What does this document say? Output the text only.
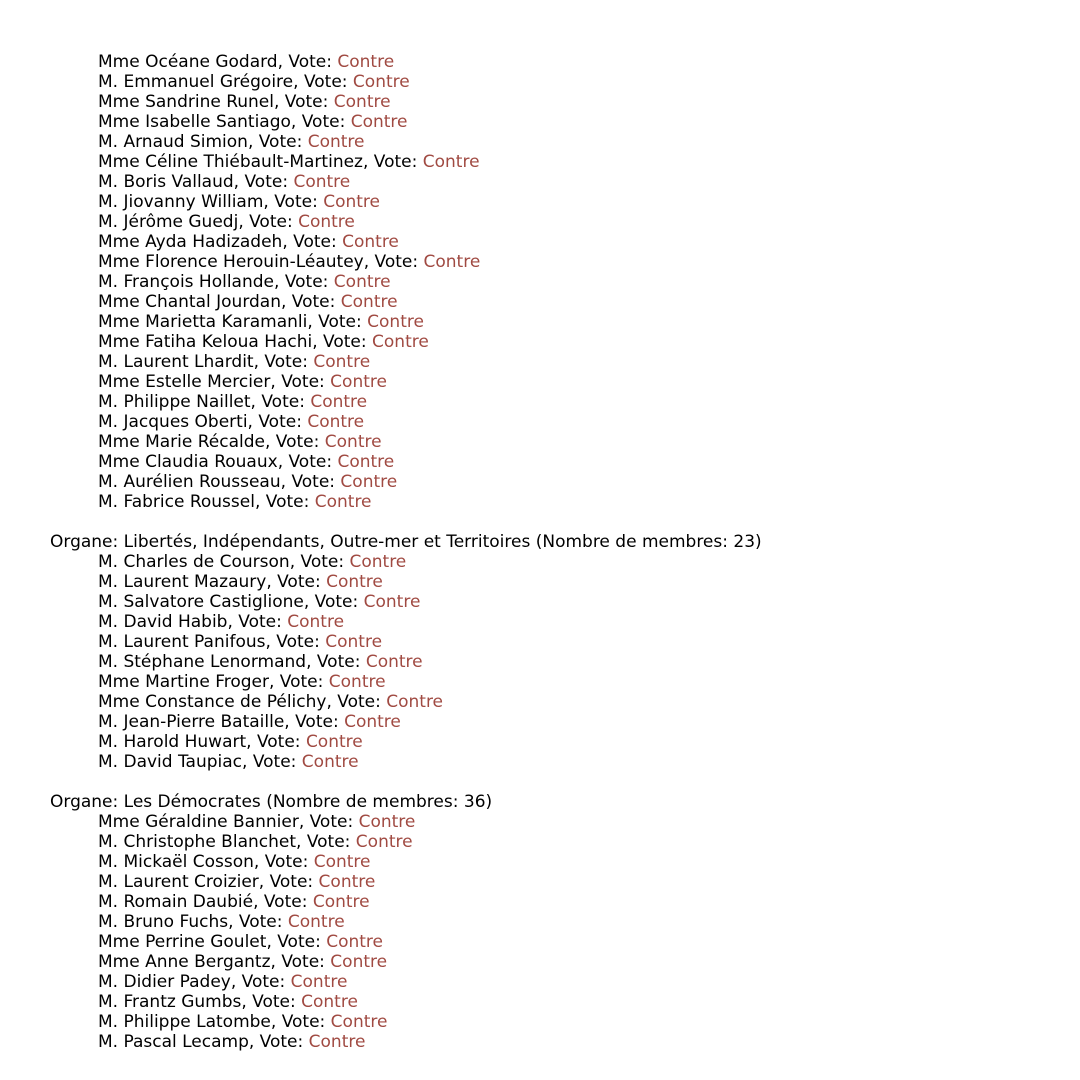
Mme Océane Godard, Vote: Contre
M. Emmanuel Grégoire, Vote: Contre
Mme Sandrine Runel, Vote: Contre
Mme Isabelle Santiago, Vote: Contre
M. Arnaud Simion, Vote: Contre
Mme Céline Thiébault-Martinez, Vote: Contre
M. Boris Vallaud, Vote: Contre
M. Jiovanny William, Vote: Contre
M. Jérôme Guedj, Vote: Contre
Mme Ayda Hadizadeh, Vote: Contre
Mme Florence Herouin-Léautey, Vote: Contre
M. François Hollande, Vote: Contre
Mme Chantal Jourdan, Vote: Contre
Mme Marietta Karamanli, Vote: Contre
Mme Fatiha Keloua Hachi, Vote: Contre
M. Laurent Lhardit, Vote: Contre
Mme Estelle Mercier, Vote: Contre
M. Philippe Naillet, Vote: Contre
M. Jacques Oberti, Vote: Contre
Mme Marie Récalde, Vote: Contre
Mme Claudia Rouaux, Vote: Contre
M. Aurélien Rousseau, Vote: Contre
M. Fabrice Roussel, Vote: Contre
Organe: Libertés, Indépendants, Outre-mer et Territoires (Nombre de membres: 23)
M. Charles de Courson, Vote: Contre
M. Laurent Mazaury, Vote: Contre
M. Salvatore Castiglione, Vote: Contre
M. David Habib, Vote: Contre
M. Laurent Panifous, Vote: Contre
M. Stéphane Lenormand, Vote: Contre
Mme Martine Froger, Vote: Contre
Mme Constance de Pélichy, Vote: Contre
M. Jean-Pierre Bataille, Vote: Contre
M. Harold Huwart, Vote: Contre
M. David Taupiac, Vote: Contre
Organe: Les Démocrates (Nombre de membres: 36)
Mme Géraldine Bannier, Vote: Contre
M. Christophe Blanchet, Vote: Contre
M. Mickaël Cosson, Vote: Contre
M. Laurent Croizier, Vote: Contre
M. Romain Daubié, Vote: Contre
M. Bruno Fuchs, Vote: Contre
Mme Perrine Goulet, Vote: Contre
Mme Anne Bergantz, Vote: Contre
M. Didier Padey, Vote: Contre
M. Frantz Gumbs, Vote: Contre
M. Philippe Latombe, Vote: Contre
M. Pascal Lecamp, Vote: Contre
